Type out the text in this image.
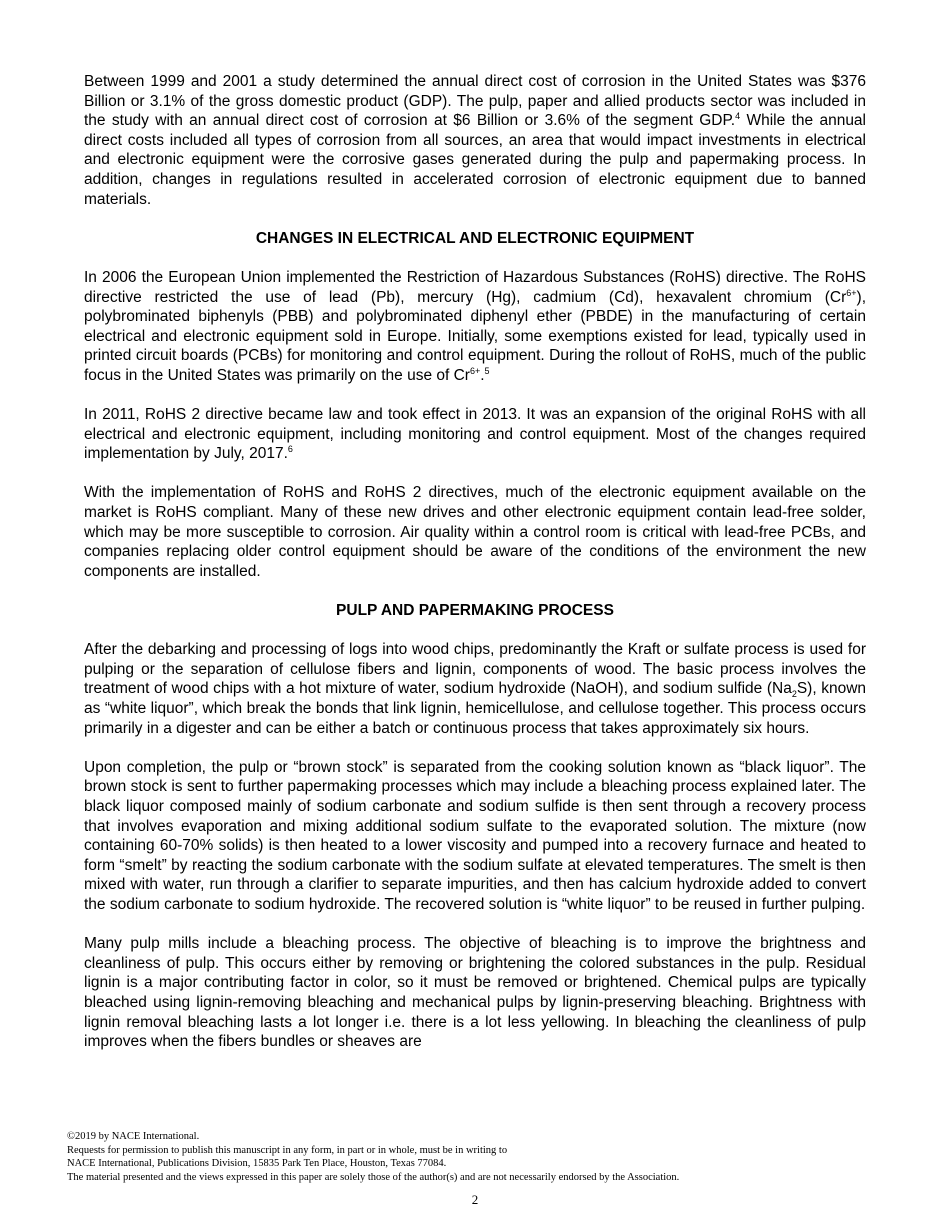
Between 1999 and 2001 a study determined the annual direct cost of corrosion in the United States was $376 Billion or 3.1% of the gross domestic product (GDP). The pulp, paper and allied products sector was included in the study with an annual direct cost of corrosion at $6 Billion or 3.6% of the segment GDP.$^4$ While the annual direct costs included all types of corrosion from all sources, an area that would impact investments in electrical and electronic equipment were the corrosive gases generated during the pulp and papermaking process. In addition, changes in regulations resulted in accelerated corrosion of electronic equipment due to banned materials.

CHANGES IN ELECTRICAL AND ELECTRONIC EQUIPMENT

In 2006 the European Union implemented the Restriction of Hazardous Substances (RoHS) directive. The RoHS directive restricted the use of lead (Pb), mercury (Hg), cadmium (Cd), hexavalent chromium $(Cr^{6+})$, polybrominated biphenyls (PBB) and polybrominated diphenyl ether (PBDE) in the manufacturing of certain electrical and electronic equipment sold in Europe. Initially, some exemptions existed for lead, typically used in printed circuit boards (PCBs) for monitoring and control equipment. During the rollout of RoHS, much of the public focus in the United States was primarily on the use of $Cr^{6+}.^5$

In 2011, RoHS 2 directive became law and took effect in 2013. It was an expansion of the original RoHS with all electrical and electronic equipment, including monitoring and control equipment. Most of the changes required implementation by July, 2017.$^6$

With the implementation of RoHS and RoHS 2 directives, much of the electronic equipment available on the market is RoHS compliant. Many of these new drives and other electronic equipment contain lead-free solder, which may be more susceptible to corrosion. Air quality within a control room is critical with lead-free PCBs, and companies replacing older control equipment should be aware of the conditions of the environment the new components are installed.

PULP AND PAPERMAKING PROCESS

After the debarking and processing of logs into wood chips, predominantly the Kraft or sulfate process is used for pulping or the separation of cellulose fibers and lignin, components of wood. The basic process involves the treatment of wood chips with a hot mixture of water, sodium hydroxide (NaOH), and sodium sulfide $(Na_2S)$, known as “white liquor”, which break the bonds that link lignin, hemicellulose, and cellulose together. This process occurs primarily in a digester and can be either a batch or continuous process that takes approximately six hours.

Upon completion, the pulp or “brown stock” is separated from the cooking solution known as “black liquor”. The brown stock is sent to further papermaking processes which may include a bleaching process explained later. The black liquor composed mainly of sodium carbonate and sodium sulfide is then sent through a recovery process that involves evaporation and mixing additional sodium sulfate to the evaporated solution. The mixture (now containing 60-70% solids) is then heated to a lower viscosity and pumped into a recovery furnace and heated to form “smelt” by reacting the sodium carbonate with the sodium sulfate at elevated temperatures. The smelt is then mixed with water, run through a clarifier to separate impurities, and then has calcium hydroxide added to convert the sodium carbonate to sodium hydroxide. The recovered solution is “white liquor” to be reused in further pulping.

Many pulp mills include a bleaching process. The objective of bleaching is to improve the brightness and cleanliness of pulp. This occurs either by removing or brightening the colored substances in the pulp. Residual lignin is a major contributing factor in color, so it must be removed or brightened. Chemical pulps are typically bleached using lignin-removing bleaching and mechanical pulps by lignin-preserving bleaching. Brightness with lignin removal bleaching lasts a lot longer i.e. there is a lot less yellowing. In bleaching the cleanliness of pulp improves when the fibers bundles or sheaves are

©2019 by NACE International.
Requests for permission to publish this manuscript in any form, in part or in whole, must be in writing to
NACE International, Publications Division, 15835 Park Ten Place, Houston, Texas 77084.
The material presented and the views expressed in this paper are solely those of the author(s) and are not necessarily endorsed by the Association.
2
